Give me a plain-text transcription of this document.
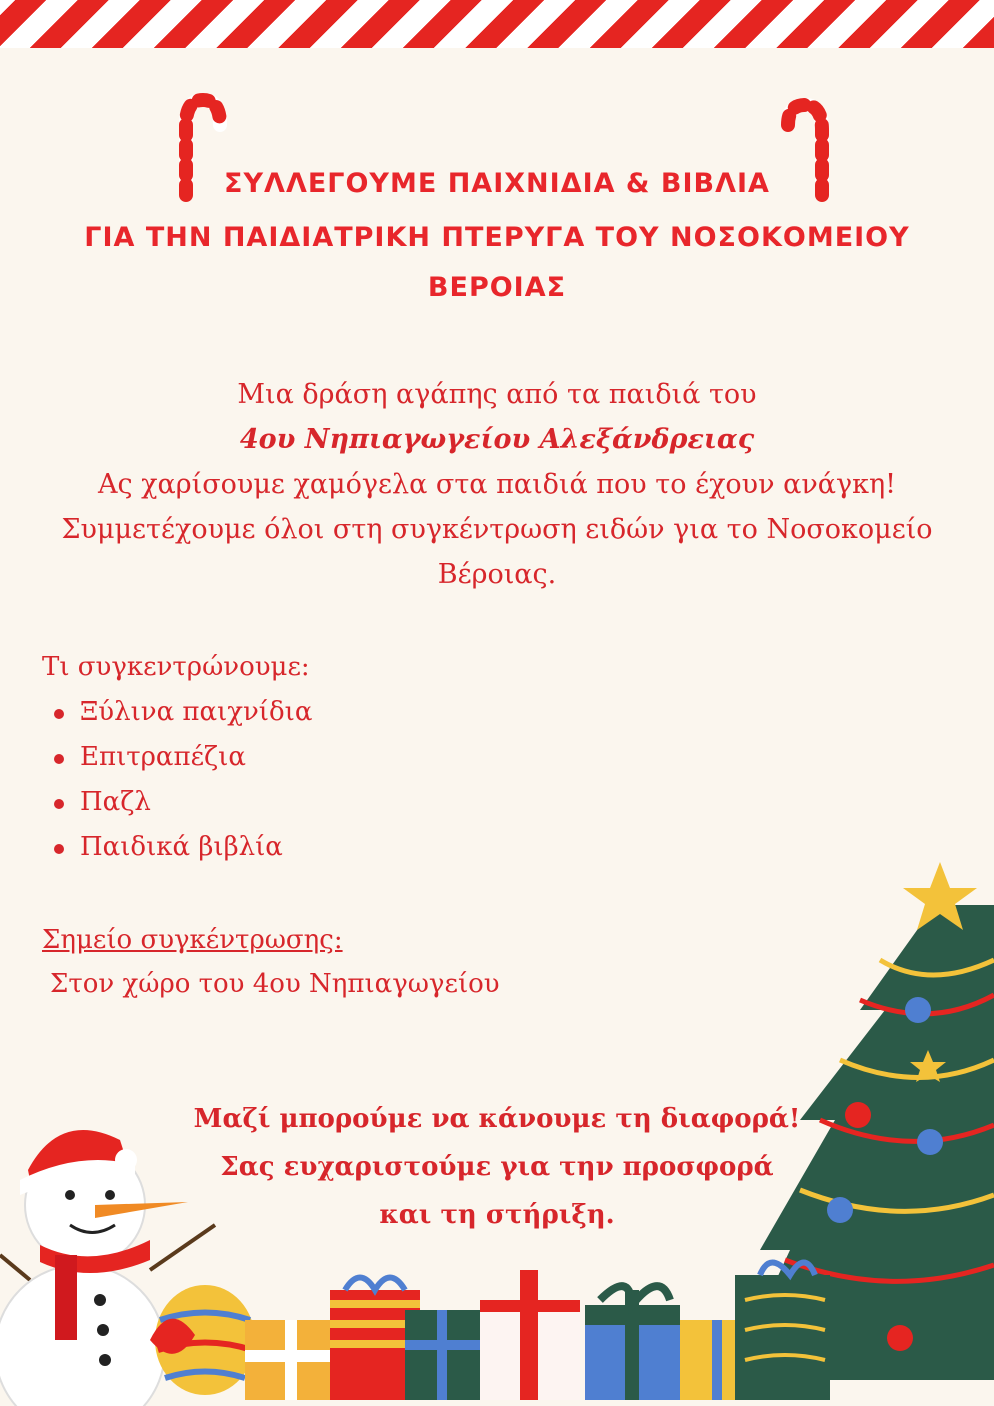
ΣΥΛΛΕΓΟΥΜΕ ΠΑΙΧΝΙΔΙΑ & ΒΙΒΛΙΑ
ΓΙΑ ΤΗΝ ΠΑΙΔΙΑΤΡΙΚΗ ΠΤΕΡΥΓΑ ΤΟΥ ΝΟΣΟΚΟΜΕΙΟΥ
ΒΕΡΟΙΑΣ
Μια δράση αγάπης από τα παιδιά του
4ου Νηπιαγωγείου Αλεξάνδρειας
Ας χαρίσουμε χαμόγελα στα παιδιά που το έχουν ανάγκη!
Συμμετέχουμε όλοι στη συγκέντρωση ειδών για το Νοσοκομείο Βέροιας.
Τι συγκεντρώνουμε:
Ξύλινα παιχνίδια
Επιτραπέζια
Παζλ
Παιδικά βιβλία
Σημείο συγκέντρωσης:
Στον χώρο του 4ου Νηπιαγωγείου
Μαζί μπορούμε να κάνουμε τη διαφορά!
Σας ευχαριστούμε για την προσφορά
και τη στήριξη.
